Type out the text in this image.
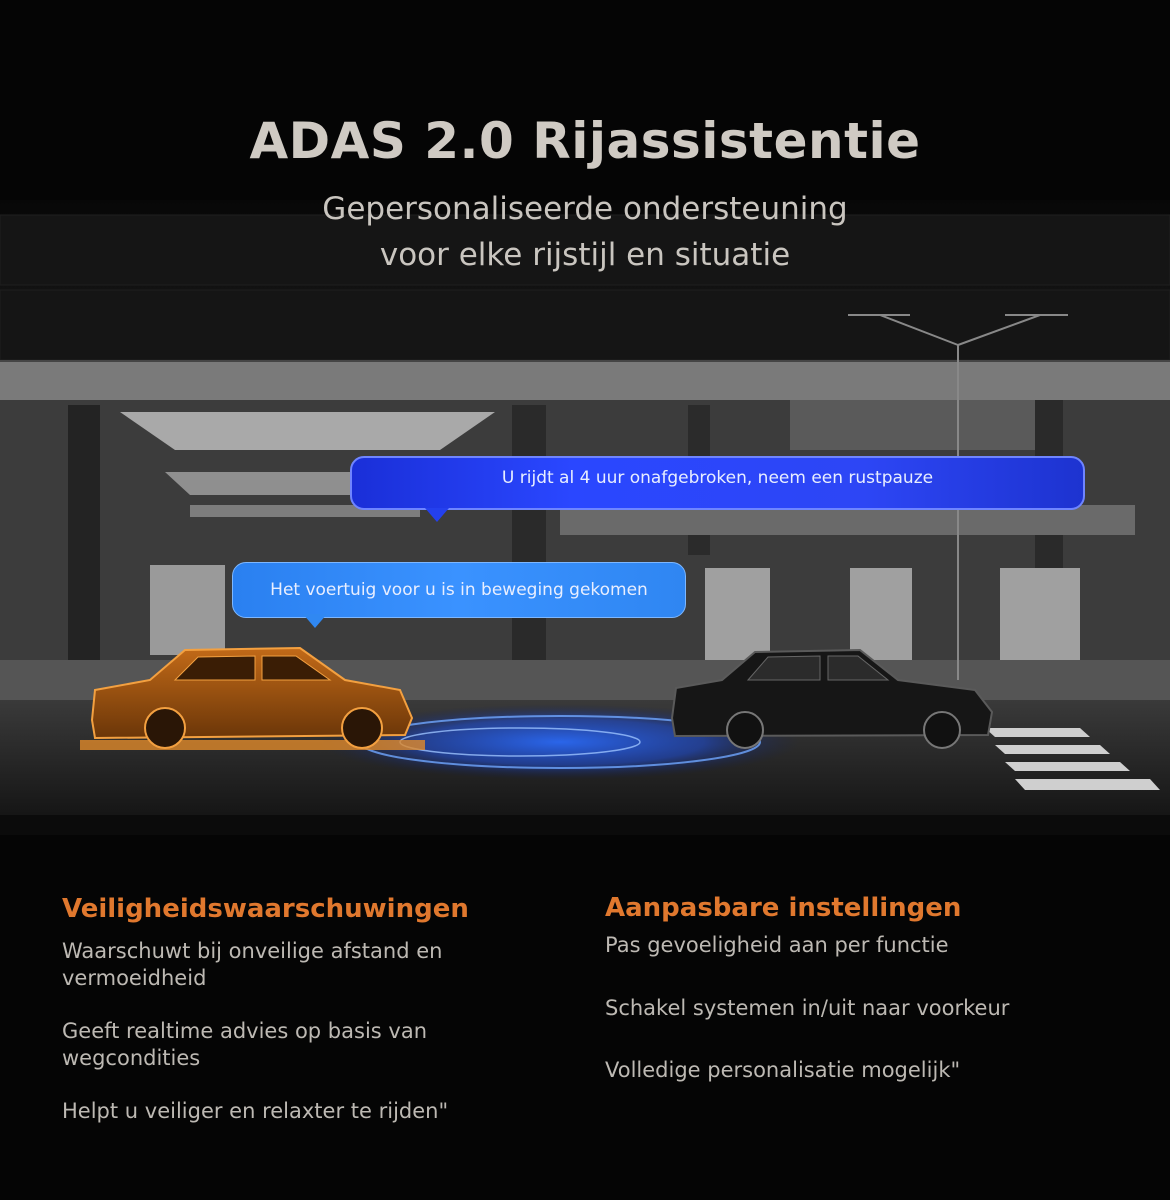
ADAS 2.0 Rijassistentie
Gepersonaliseerde ondersteuning
voor elke rijstijl en situatie
U rijdt al 4 uur onafgebroken, neem een rustpauze
Het voertuig voor u is in beweging gekomen
Veiligheidswaarschuwingen
Waarschuwt bij onveilige afstand en vermoeidheid
Geeft realtime advies op basis van wegcondities
Helpt u veiliger en relaxter te rijden"
Aanpasbare instellingen
Pas gevoeligheid aan per functie
Schakel systemen in/uit naar voorkeur
Volledige personalisatie mogelijk"
